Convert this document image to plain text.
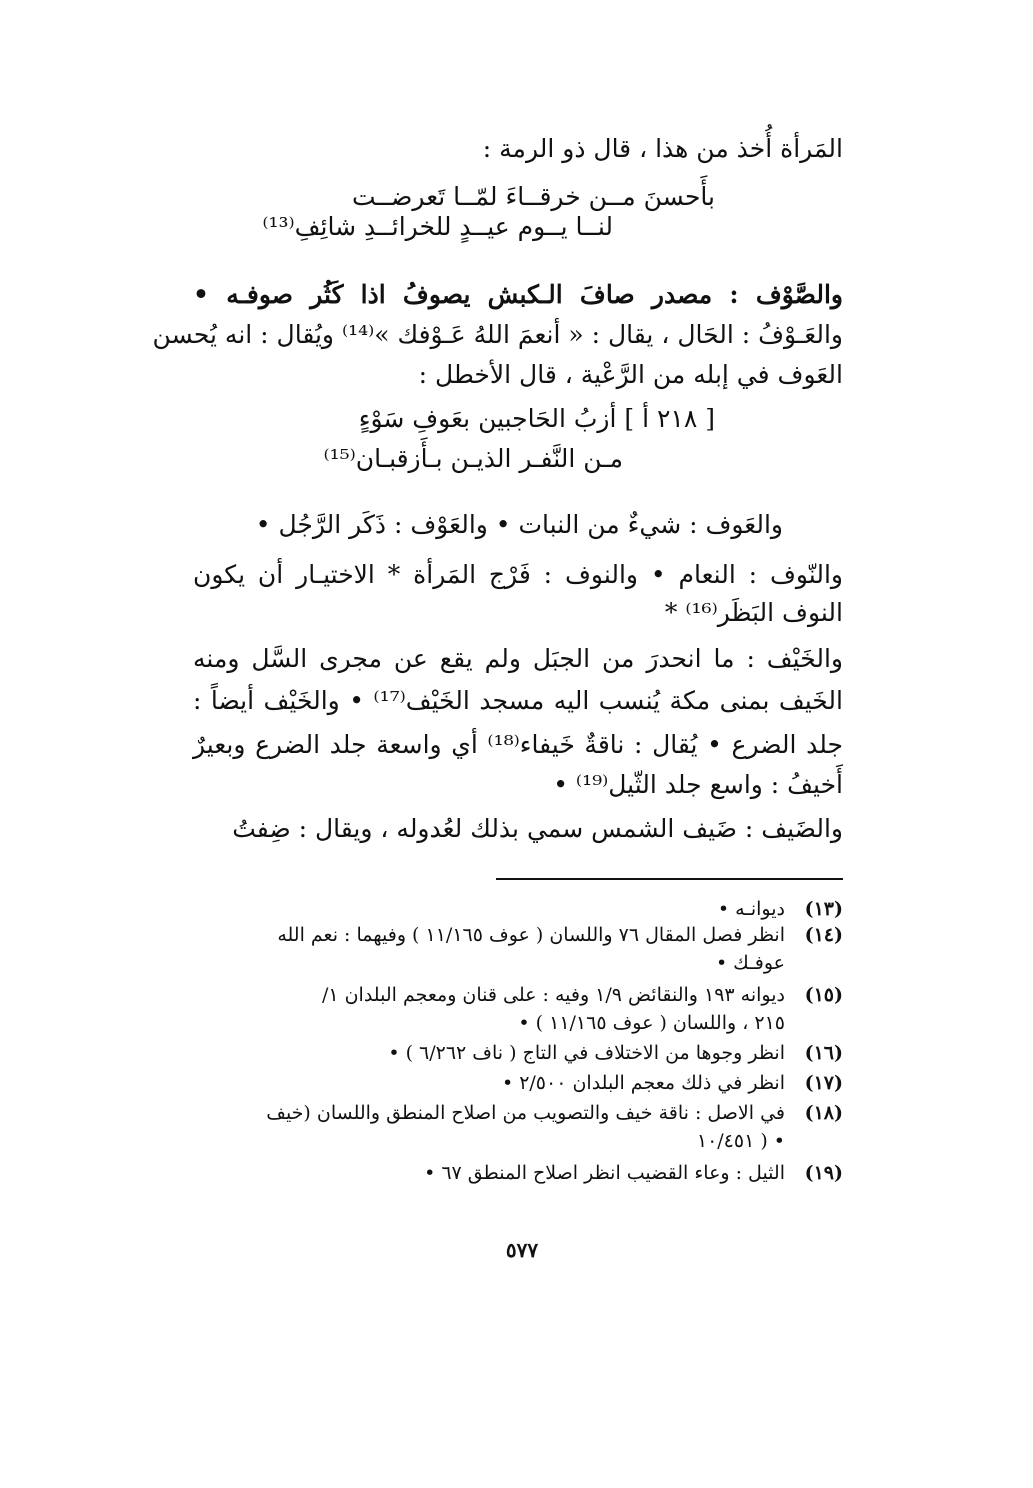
المَرأة أُخذ من هذا ، قال ذو الرمة :
بأَحسنَ مــن خرقــاءَ لمّــا تَعرضــت
لنــا يــوم عيــدٍ للخرائــدِ شائِفِ⁽¹³⁾
والصَّوْف : مصدر صافَ الـكبش يصوفُ اذا كَثُر صوفـه •
والعَـوْفُ : الحَال ، يقال : « أنعمَ اللهُ عَـوْفك »⁽¹⁴⁾ ويُقال : انه يُحسن
العَوف في إبله من الرَّعْية ، قال الأخطل :
[ ٢١٨ أ ] أزبُ الحَاجبين بعَوفِ سَوْءٍ
مـن النَّفـر الذيـن بـأَزقبـان⁽¹⁵⁾
والعَوف : شيءٌ من النبات • والعَوْف : ذَكَر الرَّجُل •
والنّوف : النعام • والنوف : فَرْج المَرأة * الاختيـار أن يكون
النوف البَظَر⁽¹⁶⁾ *
والخَيْف : ما انحدرَ من الجبَل ولم يقع عن مجرى السَّل ومنه
الخَيف بمنى مكة يُنسب اليه مسجد الخَيْف⁽¹⁷⁾ • والخَيْف أيضاً :
جلد الضرع • يُقال : ناقةٌ خَيفاء⁽¹⁸⁾ أي واسعة جلد الضرع وبعيرٌ
أَخيفُ : واسع جلد الثّيل⁽¹⁹⁾ •
والضَيف : ضَيف الشمس سمي بذلك لعُدوله ، ويقال : ضِفتُ
(١٣)
ديوانـه •
(١٤)
انظر فصل المقال ٧٦ واللسان ( عوف ١١/١٦٥ ) وفيهما : نعم الله
عوفـك •
(١٥)
ديوانه ١٩٣ والنقائض ١/٩ وفيه : على قنان ومعجم البلدان ١/
٢١٥ ، واللسان ( عوف ١١/١٦٥ ) •
(١٦)
انظر وجوها من الاختلاف في التاج ( ناف ٦/٢٦٢ ) •
(١٧)
انظر في ذلك معجم البلدان ٢/٥٠٠ •
(١٨)
في الاصل : ناقة خيف والتصويب من اصلاح المنطق واللسان (خيف
١٠/٤٥١ ) •
(١٩)
الثيل : وعاء القضيب انظر اصلاح المنطق ٦٧ •
٥٧٧
